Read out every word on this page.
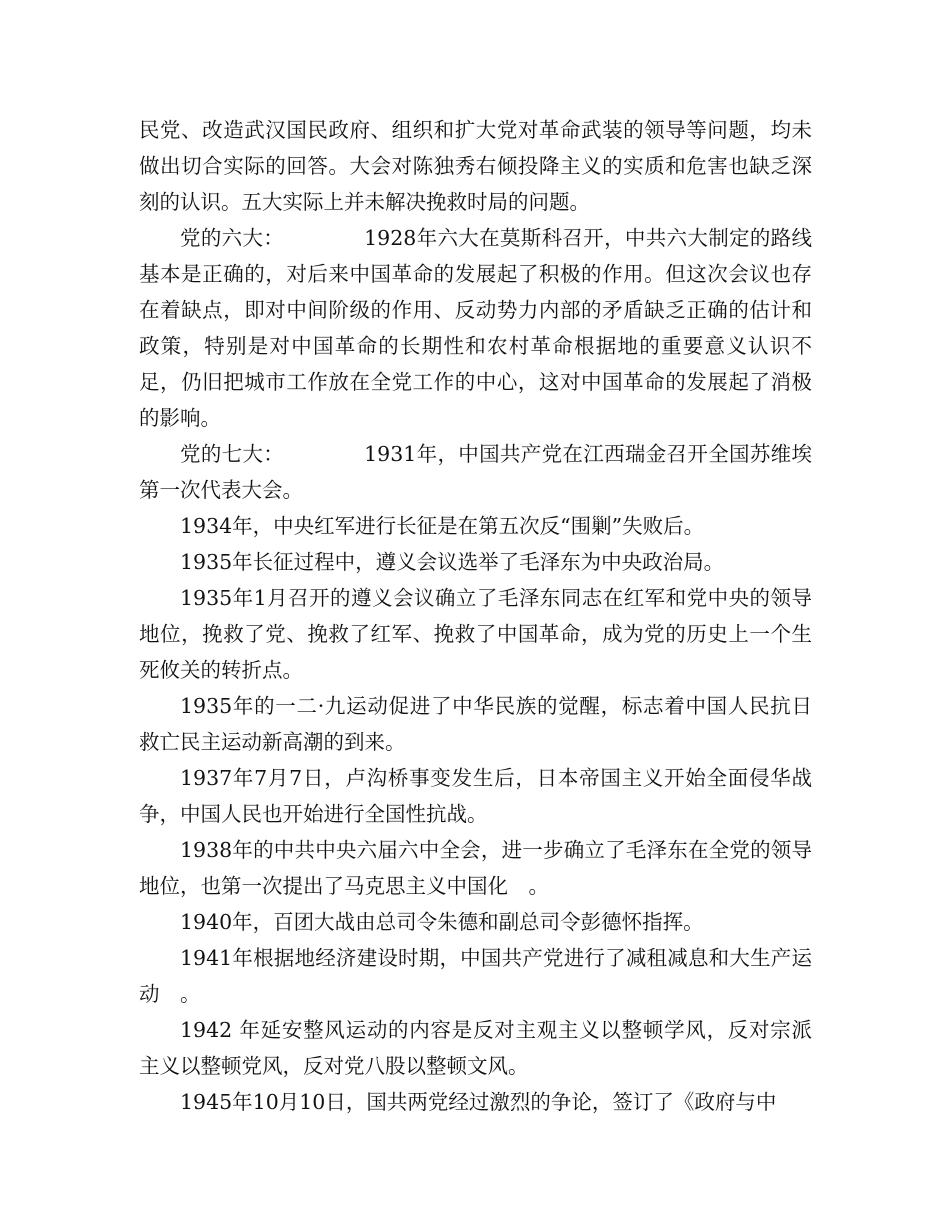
民党、改造武汉国民政府、组织和扩大党对革命武装的领导等问题，均未做出切合实际的回答。大会对陈独秀右倾投降主义的实质和危害也缺乏深刻的认识。五大实际上并未解决挽救时局的问题。

党的六大：	1928年六大在莫斯科召开，中共六大制定的路线基本是正确的，对后来中国革命的发展起了积极的作用。但这次会议也存在着缺点，即对中间阶级的作用、反动势力内部的矛盾缺乏正确的估计和政策，特别是对中国革命的长期性和农村革命根据地的重要意义认识不足，仍旧把城市工作放在全党工作的中心，这对中国革命的发展起了消极的影响。

党的七大：	1931年，中国共产党在江西瑞金召开全国苏维埃第一次代表大会。

1934年，中央红军进行长征是在第五次反“围剿”失败后。

1935年长征过程中，遵义会议选举了毛泽东为中央政治局。

1935年1月召开的遵义会议确立了毛泽东同志在红军和党中央的领导地位，挽救了党、挽救了红军、挽救了中国革命，成为党的历史上一个生死攸关的转折点。

1935年的一二·九运动促进了中华民族的觉醒，标志着中国人民抗日救亡民主运动新高潮的到来。

1937年7月7日，卢沟桥事变发生后，日本帝国主义开始全面侵华战争，中国人民也开始进行全国性抗战。

1938年的中共中央六届六中全会，进一步确立了毛泽东在全党的领导地位，也第一次提出了马克思主义中国化　。

1940年，百团大战由总司令朱德和副总司令彭德怀指挥。

1941年根据地经济建设时期，中国共产党进行了减租减息和大生产运动　。

1942 年延安整风运动的内容是反对主观主义以整顿学风，反对宗派主义以整顿党风，反对党八股以整顿文风。

1945年10月10日，国共两党经过激烈的争论，签订了《政府与中
